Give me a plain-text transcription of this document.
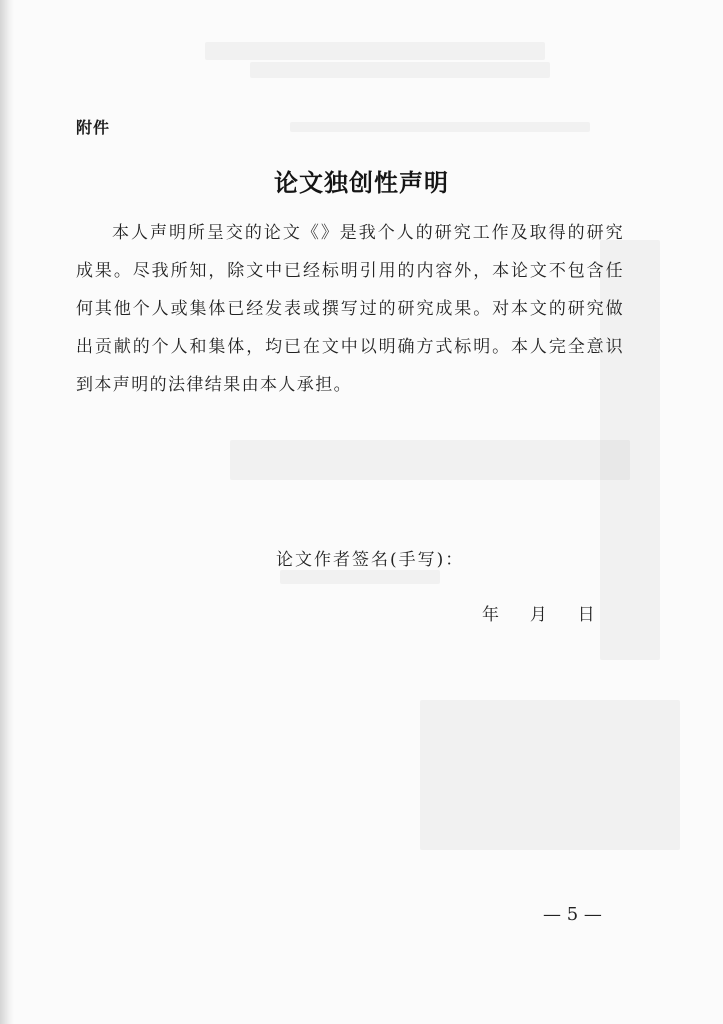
附件
论文独创性声明

本人声明所呈交的论文《》是我个人的研究工作及取得的研究成果。尽我所知，除文中已经标明引用的内容外，本论文不包含任何其他个人或集体已经发表或撰写过的研究成果。对本文的研究做出贡献的个人和集体，均已在文中以明确方式标明。本人完全意识到本声明的法律结果由本人承担。

论文作者签名(手写)：
年 月 日
— 5 —
